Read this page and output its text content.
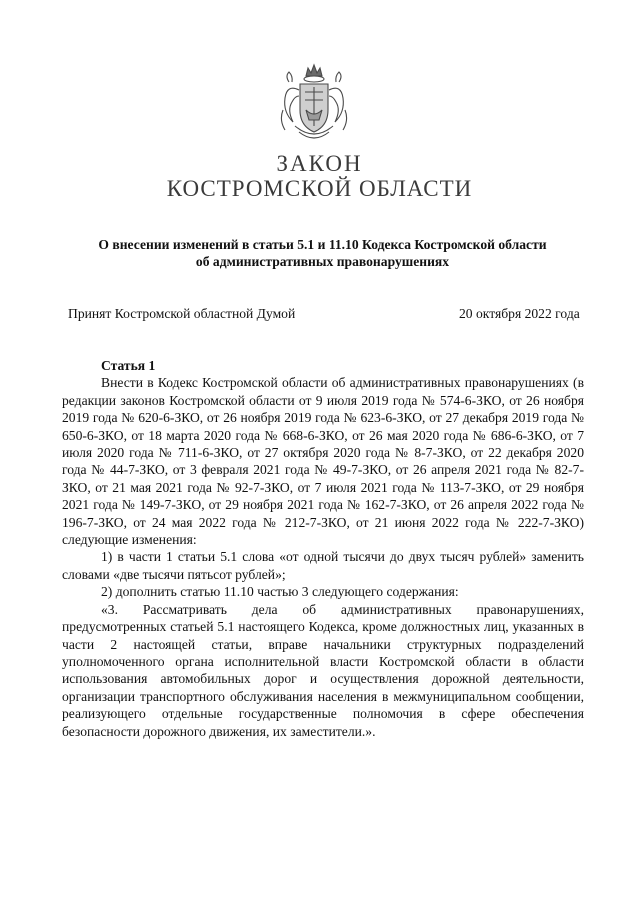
ЗАКОН
КОСТРОМСКОЙ ОБЛАСТИ
О внесении изменений в статьи 5.1 и 11.10 Кодекса Костромской области
об административных правонарушениях
Принят Костромской областной Думой	20 октября 2022 года

Статья 1

Внести в Кодекс Костромской области об административных правонарушениях (в редакции законов Костромской области от 9 июля 2019 года № 574-6-ЗКО, от 26 ноября 2019 года № 620-6-ЗКО, от 26 ноября 2019 года № 623-6-ЗКО, от 27 декабря 2019 года № 650-6-ЗКО, от 18 марта 2020 года № 668-6-ЗКО, от 26 мая 2020 года № 686-6-ЗКО, от 7 июля 2020 года № 711-6-ЗКО, от 27 октября 2020 года № 8-7-ЗКО, от 22 декабря 2020 года № 44-7-ЗКО, от 3 февраля 2021 года № 49-7-ЗКО, от 26 апреля 2021 года № 82-7-ЗКО, от 21 мая 2021 года № 92-7-ЗКО, от 7 июля 2021 года № 113-7-ЗКО, от 29 ноября 2021 года № 149-7-ЗКО, от 29 ноября 2021 года № 162-7-ЗКО, от 26 апреля 2022 года № 196-7-ЗКО, от 24 мая 2022 года № 212-7-ЗКО, от 21 июня 2022 года № 222-7-ЗКО) следующие изменения:

1) в части 1 статьи 5.1 слова «от одной тысячи до двух тысяч рублей» заменить словами «две тысячи пятьсот рублей»;

2) дополнить статью 11.10 частью 3 следующего содержания:

«3. Рассматривать дела об административных правонарушениях, предусмотренных статьей 5.1 настоящего Кодекса, кроме должностных лиц, указанных в части 2 настоящей статьи, вправе начальники структурных подразделений уполномоченного органа исполнительной власти Костромской области в области использования автомобильных дорог и осуществления дорожной деятельности, организации транспортного обслуживания населения в межмуниципальном сообщении, реализующего отдельные государственные полномочия в сфере обеспечения безопасности дорожного движения, их заместители.».
